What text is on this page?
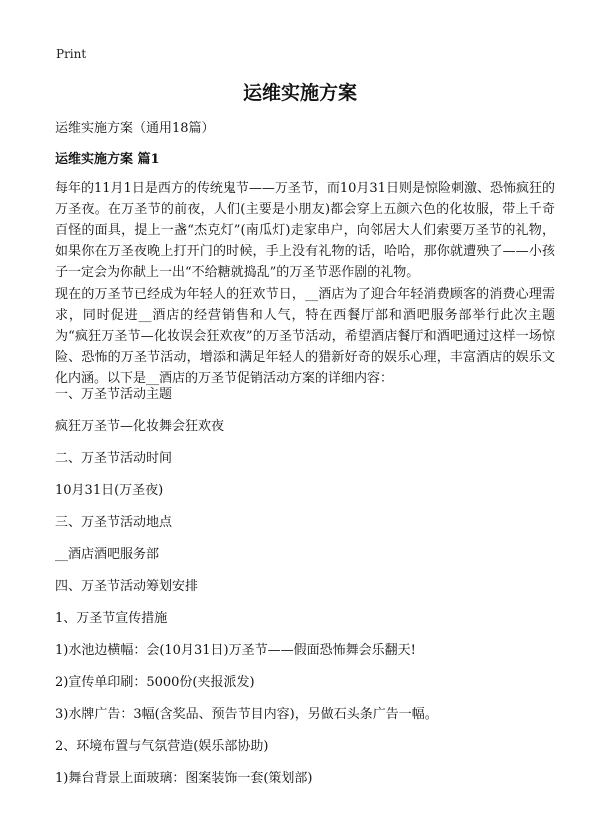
Print
运维实施方案

运维实施方案（通用18篇）

运维实施方案 篇1

每年的11月1日是西方的传统鬼节——万圣节，而10月31日则是惊险刺激、恐怖疯狂的万圣夜。在万圣节的前夜，人们(主要是小朋友)都会穿上五颜六色的化妆服，带上千奇百怪的面具，提上一盏“杰克灯”(南瓜灯)走家串户，向邻居大人们索要万圣节的礼物，如果你在万圣夜晚上打开门的时候，手上没有礼物的话，哈哈，那你就遭殃了——小孩子一定会为你献上一出“不给糖就捣乱”的万圣节恶作剧的礼物。

现在的万圣节已经成为年轻人的狂欢节日，__酒店为了迎合年轻消费顾客的消费心理需求，同时促进__酒店的经营销售和人气，特在西餐厅部和酒吧服务部举行此次主题为“疯狂万圣节—化妆误会狂欢夜”的万圣节活动，希望酒店餐厅和酒吧通过这样一场惊险、恐怖的万圣节活动，增添和满足年轻人的猎新好奇的娱乐心理，丰富酒店的娱乐文化内涵。以下是__酒店的万圣节促销活动方案的详细内容：

一、万圣节活动主题

疯狂万圣节—化妆舞会狂欢夜

二、万圣节活动时间

10月31日(万圣夜)

三、万圣节活动地点

__酒店酒吧服务部

四、万圣节活动筹划安排

1、万圣节宣传措施

1)水池边横幅：会(10月31日)万圣节——假面恐怖舞会乐翻天!

2)宣传单印刷：5000份(夹报派发)

3)水牌广告：3幅(含奖品、预告节目内容)，另做石头条广告一幅。

2、环境布置与气氛营造(娱乐部协助)

1)舞台背景上面玻璃：图案装饰一套(策划部)
